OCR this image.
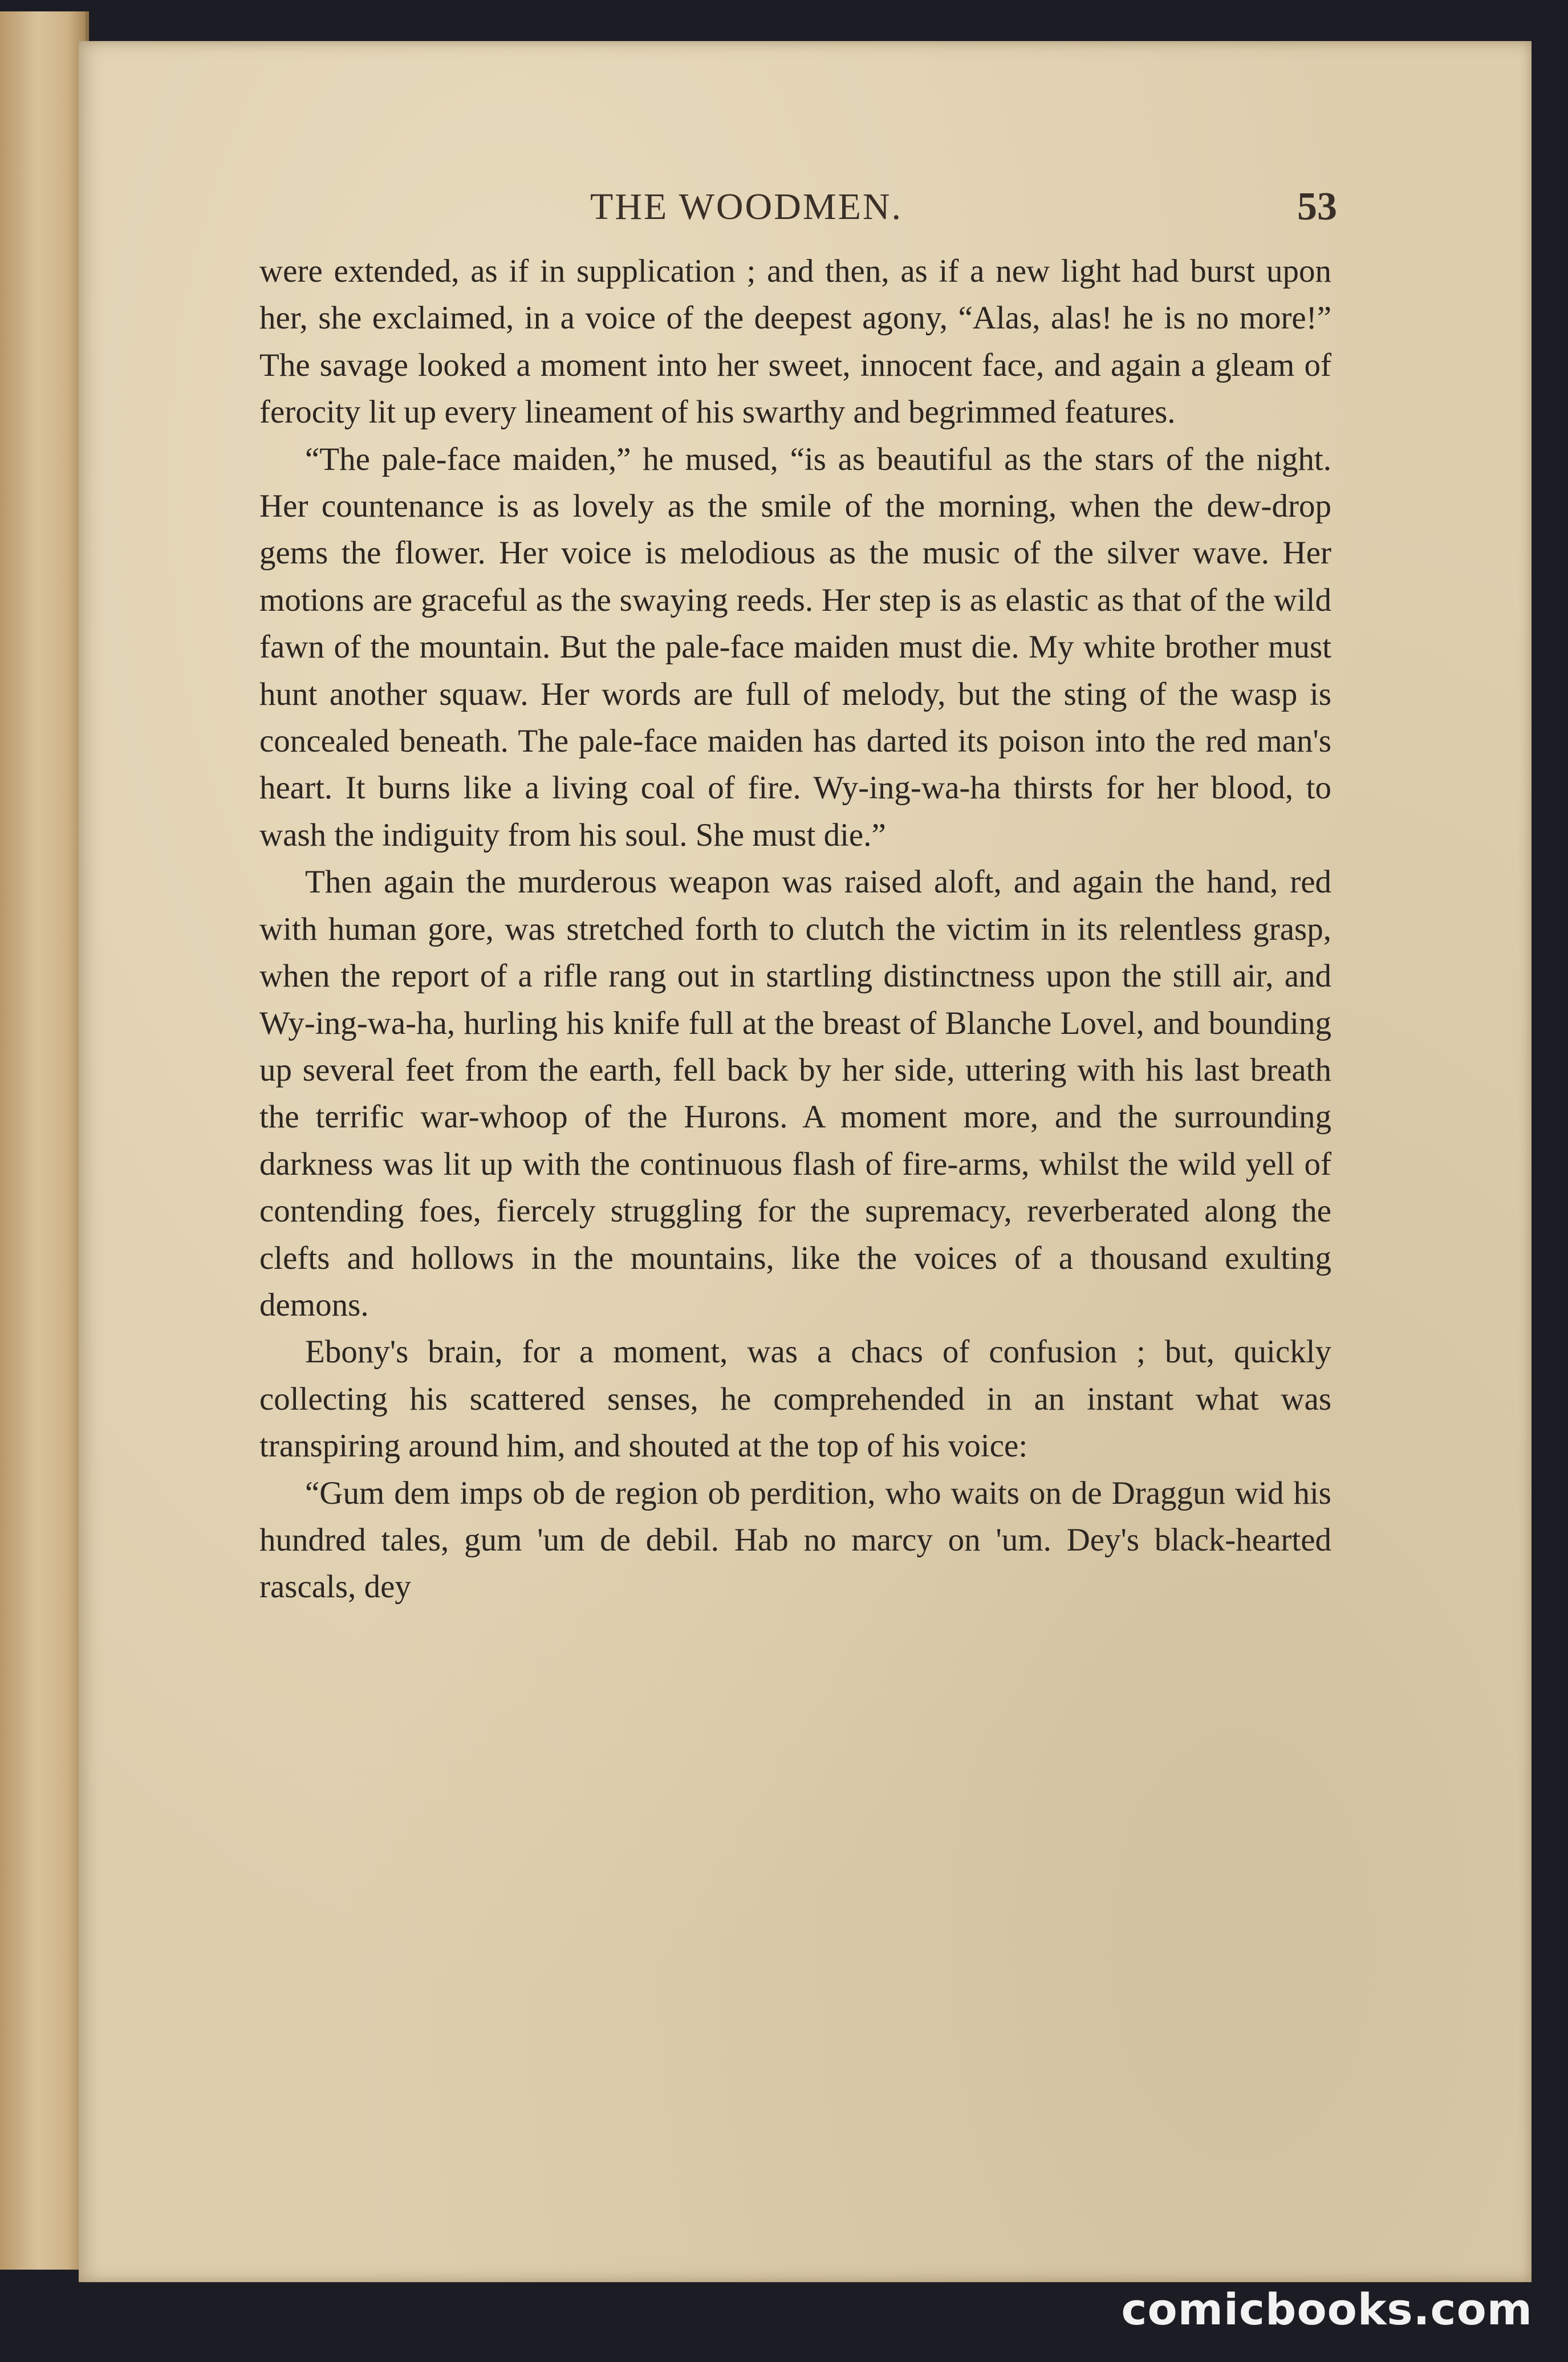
THE WOODMEN.	53

were extended, as if in supplication ; and then, as if a new light had burst upon her, she exclaimed, in a voice of the deepest agony, “Alas, alas! he is no more!” The savage looked a moment into her sweet, innocent face, and again a gleam of ferocity lit up every lineament of his swarthy and begrimmed features.

“The pale-face maiden,” he mused, “is as beautiful as the stars of the night. Her countenance is as lovely as the smile of the morning, when the dew-drop gems the flower. Her voice is melodious as the music of the silver wave. Her motions are graceful as the swaying reeds. Her step is as elastic as that of the wild fawn of the mountain. But the pale-face maiden must die. My white brother must hunt another squaw. Her words are full of melody, but the sting of the wasp is concealed beneath. The pale-face maiden has darted its poison into the red man's heart. It burns like a living coal of fire. Wy-ing-wa-ha thirsts for her blood, to wash the indiguity from his soul. She must die.”

Then again the murderous weapon was raised aloft, and again the hand, red with human gore, was stretched forth to clutch the victim in its relentless grasp, when the report of a rifle rang out in startling distinctness upon the still air, and Wy-ing-wa-ha, hurling his knife full at the breast of Blanche Lovel, and bounding up several feet from the earth, fell back by her side, uttering with his last breath the terrific war-whoop of the Hurons. A moment more, and the surrounding darkness was lit up with the continuous flash of fire-arms, whilst the wild yell of contending foes, fiercely struggling for the supremacy, reverberated along the clefts and hollows in the mountains, like the voices of a thousand exulting demons.

Ebony's brain, for a moment, was a chacs of confusion ; but, quickly collecting his scattered senses, he comprehended in an instant what was transpiring around him, and shouted at the top of his voice:

“Gum dem imps ob de region ob perdition, who waits on de Draggun wid his hundred tales, gum 'um de debil. Hab no marcy on 'um. Dey's black-hearted rascals, dey

comicbooks.com
